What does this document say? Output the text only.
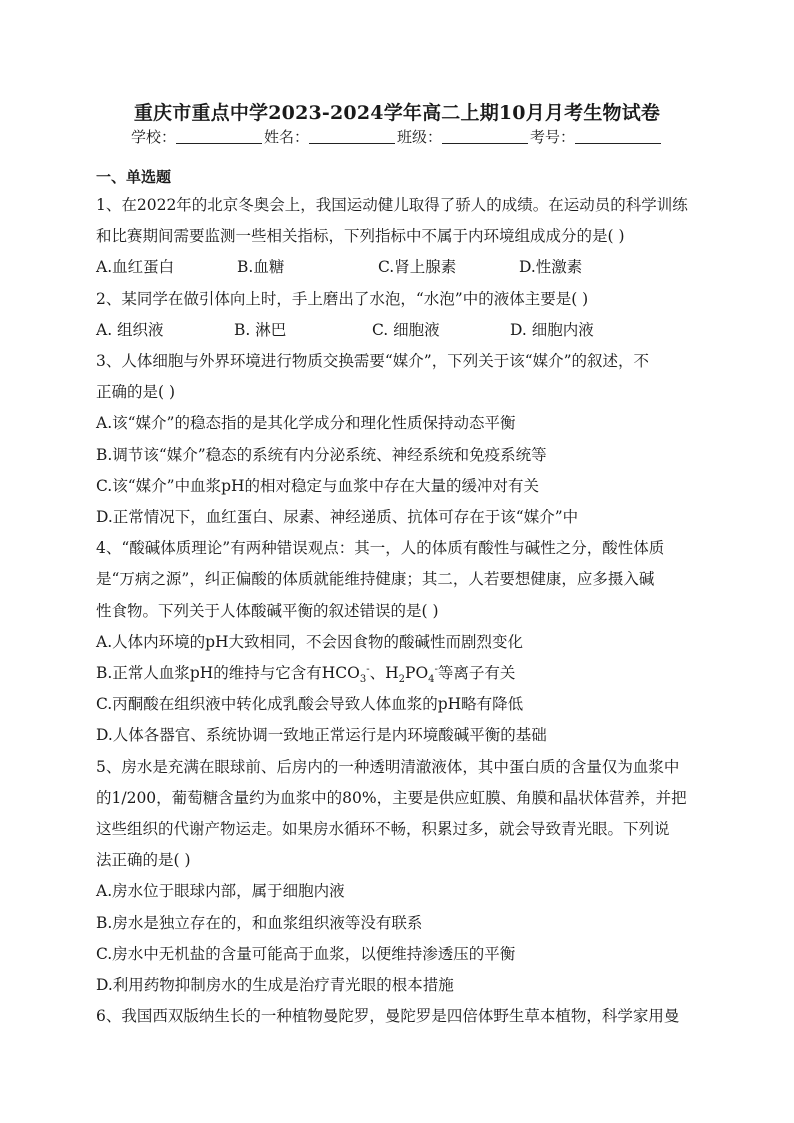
重庆市重点中学2023-2024学年高二上期10月月考生物试卷
学校：	姓名：	班级：	考号：
一、单选题

1、在2022年的北京冬奥会上，我国运动健儿取得了骄人的成绩。在运动员的科学训练

和比赛期间需要监测一些相关指标，下列指标中不属于内环境组成成分的是( )

A.血红蛋白	B.血糖	C.肾上腺素	D.性激素

2、某同学在做引体向上时，手上磨出了水泡，“水泡”中的液体主要是( )

A. 组织液	B. 淋巴	C. 细胞液	D. 细胞内液

3、人体细胞与外界环境进行物质交换需要“媒介”，下列关于该“媒介”的叙述，不

正确的是( )

A.该“媒介”的稳态指的是其化学成分和理化性质保持动态平衡

B.调节该“媒介”稳态的系统有内分泌系统、神经系统和免疫系统等

C.该“媒介”中血浆pH的相对稳定与血浆中存在大量的缓冲对有关

D.正常情况下，血红蛋白、尿素、神经递质、抗体可存在于该“媒介”中

4、“酸碱体质理论”有两种错误观点：其一，人的体质有酸性与碱性之分，酸性体质

是“万病之源”，纠正偏酸的体质就能维持健康；其二，人若要想健康，应多摄入碱

性食物。下列关于人体酸碱平衡的叙述错误的是( )

A.人体内环境的pH大致相同，不会因食物的酸碱性而剧烈变化

B.正常人血浆pH的维持与它含有$HCO_3^-$、$H_2PO_4^-$等离子有关

C.丙酮酸在组织液中转化成乳酸会导致人体血浆的pH略有降低

D.人体各器官、系统协调一致地正常运行是内环境酸碱平衡的基础

5、房水是充满在眼球前、后房内的一种透明清澈液体，其中蛋白质的含量仅为血浆中

的1/200，葡萄糖含量约为血浆中的80%，主要是供应虹膜、角膜和晶状体营养，并把

这些组织的代谢产物运走。如果房水循环不畅，积累过多，就会导致青光眼。下列说

法正确的是( )

A.房水位于眼球内部，属于细胞内液

B.房水是独立存在的，和血浆组织液等没有联系

C.房水中无机盐的含量可能高于血浆，以便维持渗透压的平衡

D.利用药物抑制房水的生成是治疗青光眼的根本措施

6、我国西双版纳生长的一种植物曼陀罗，曼陀罗是四倍体野生草本植物，科学家用曼
